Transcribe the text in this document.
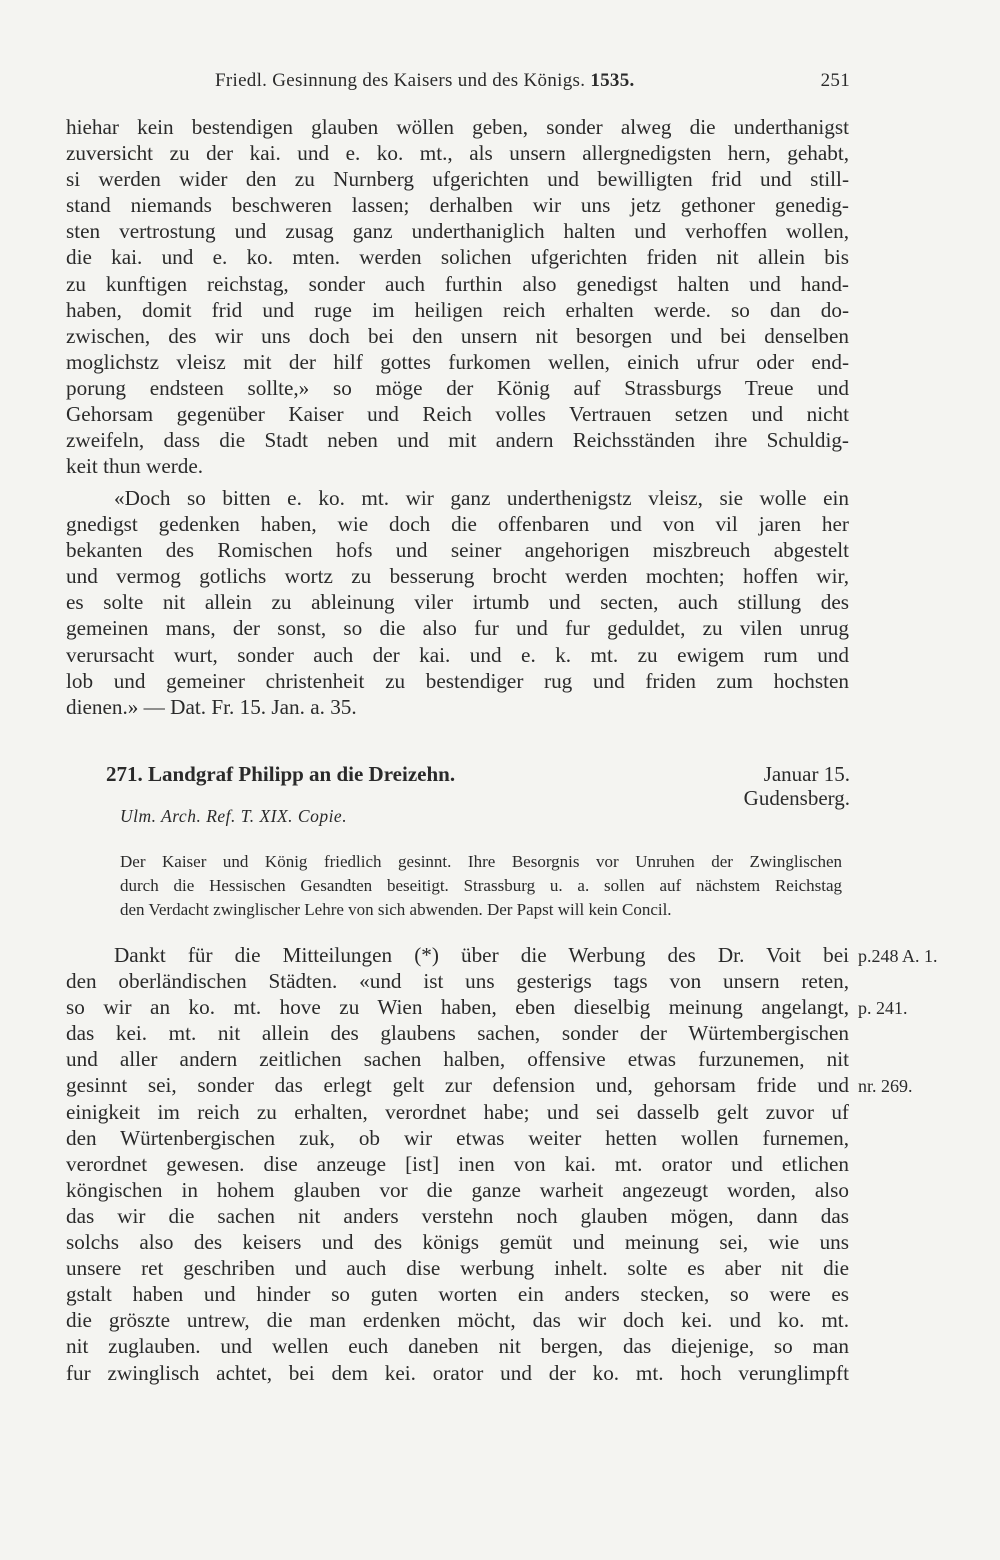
Friedl. Gesinnung des Kaisers und des Königs. 1535.	251
hiehar kein bestendigen glauben wöllen geben, sonder alweg die underthanigst
zuversicht zu der kai. und e. ko. mt., als unsern allergnedigsten hern, gehabt,
si werden wider den zu Nurnberg ufgerichten und bewilligten frid und still-
stand niemands beschweren lassen; derhalben wir uns jetz gethoner genedig-
sten vertrostung und zusag ganz underthaniglich halten und verhoffen wollen,
die kai. und e. ko. mten. werden solichen ufgerichten friden nit allein bis
zu kunftigen reichstag, sonder auch furthin also genedigst halten und hand-
haben, domit frid und ruge im heiligen reich erhalten werde. so dan do-
zwischen, des wir uns doch bei den unsern nit besorgen und bei denselben
moglichstz vleisz mit der hilf gottes furkomen wellen, einich ufrur oder end-
porung endsteen sollte,» so möge der König auf Strassburgs Treue und
Gehorsam gegenüber Kaiser und Reich volles Vertrauen setzen und nicht
zweifeln, dass die Stadt neben und mit andern Reichsständen ihre Schuldig-
keit thun werde.
«Doch so bitten e. ko. mt. wir ganz underthenigstz vleisz, sie wolle ein
gnedigst gedenken haben, wie doch die offenbaren und von vil jaren her
bekanten des Romischen hofs und seiner angehorigen miszbreuch abgestelt
und vermog gotlichs wortz zu besserung brocht werden mochten; hoffen wir,
es solte nit allein zu ableinung viler irtumb und secten, auch stillung des
gemeinen mans, der sonst, so die also fur und fur geduldet, zu vilen unrug
verursacht wurt, sonder auch der kai. und e. k. mt. zu ewigem rum und
lob und gemeiner christenheit zu bestendiger rug und friden zum hochsten
dienen.» — Dat. Fr. 15. Jan. a. 35.
271. Landgraf Philipp an die Dreizehn.	Januar 15.
Gudensberg.
Ulm. Arch. Ref. T. XIX. Copie.
Der Kaiser und König friedlich gesinnt. Ihre Besorgnis vor Unruhen der Zwinglischen
durch die Hessischen Gesandten beseitigt. Strassburg u. a. sollen auf nächstem Reichstag
den Verdacht zwinglischer Lehre von sich abwenden. Der Papst will kein Concil.
Dankt für die Mitteilungen (*) über die Werbung des Dr. Voit bei
den oberländischen Städten. «und ist uns gesterigs tags von unsern reten,
so wir an ko. mt. hove zu Wien haben, eben dieselbig meinung angelangt,
das kei. mt. nit allein des glaubens sachen, sonder der Würtembergischen
und aller andern zeitlichen sachen halben, offensive etwas furzunemen, nit
gesinnt sei, sonder das erlegt gelt zur defension und, gehorsam fride und
einigkeit im reich zu erhalten, verordnet habe; und sei dasselb gelt zuvor uf
den Würtenbergischen zuk, ob wir etwas weiter hetten wollen furnemen,
verordnet gewesen. dise anzeuge [ist] inen von kai. mt. orator und etlichen
köngischen in hohem glauben vor die ganze warheit angezeugt worden, also
das wir die sachen nit anders verstehn noch glauben mögen, dann das
solchs also des keisers und des königs gemüt und meinung sei, wie uns
unsere ret geschriben und auch dise werbung inhelt. solte es aber nit die
gstalt haben und hinder so guten worten ein anders stecken, so were es
die gröszte untrew, die man erdenken möcht, das wir doch kei. und ko. mt.
nit zuglauben. und wellen euch daneben nit bergen, das diejenige, so man
fur zwinglisch achtet, bei dem kei. orator und der ko. mt. hoch verunglimpft
p.248 A. 1.
p. 241.
nr. 269.
